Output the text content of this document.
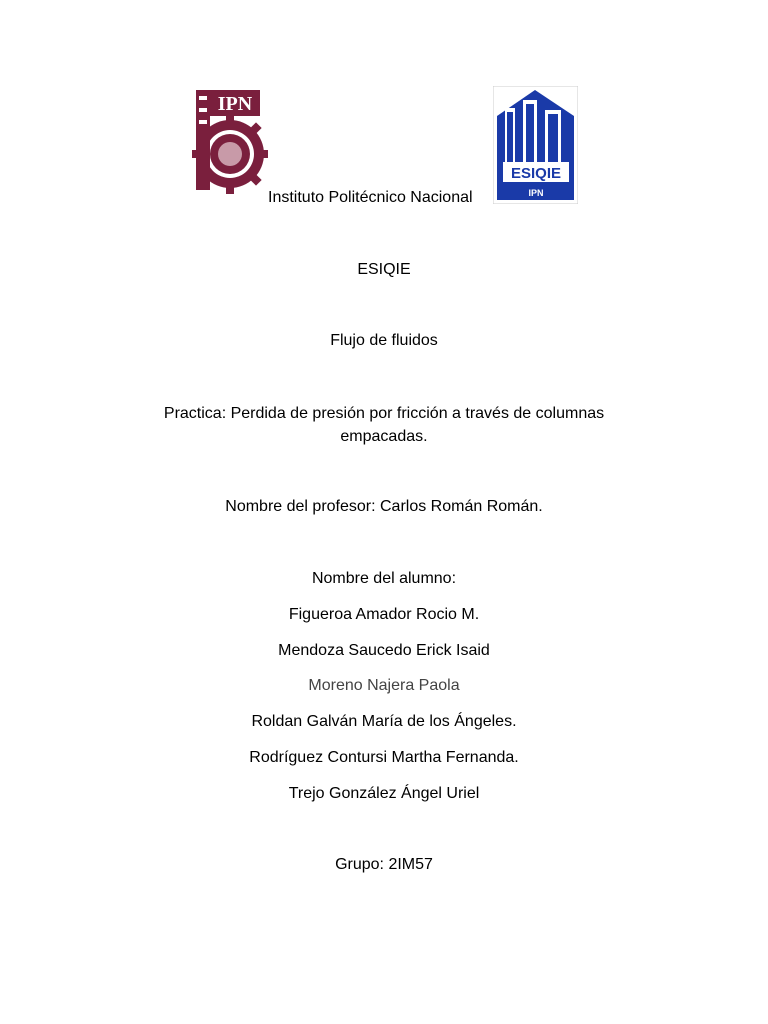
IPN
ESIQIE
IPN
Instituto Politécnico Nacional
ESIQIE
Flujo de fluidos
Practica: Perdida de presión por fricción a través de columnas empacadas.
Nombre del profesor: Carlos Román Román.
Nombre del alumno:
Figueroa Amador Rocio M.
Mendoza Saucedo Erick Isaid
Moreno Najera Paola
Roldan Galván María de los Ángeles.
Rodríguez Contursi Martha Fernanda.
Trejo González Ángel Uriel
Grupo: 2IM57
